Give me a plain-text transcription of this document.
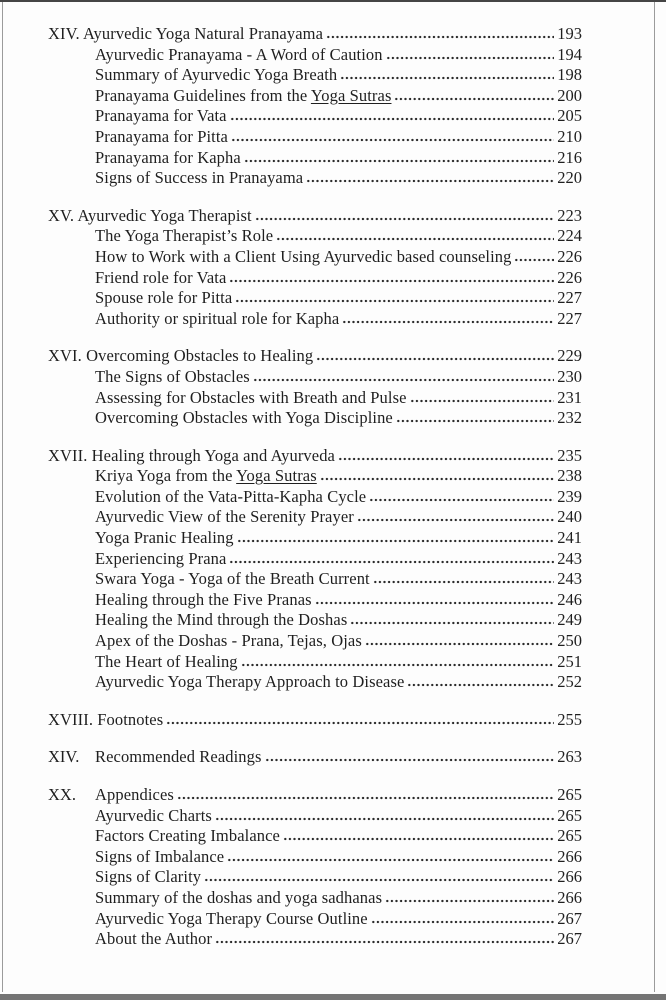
XIV. Ayurvedic Yoga Natural Pranayama	193
Ayurvedic Pranayama - A Word of Caution	194
Summary of Ayurvedic Yoga Breath	198
Pranayama Guidelines from the Yoga Sutras	200
Pranayama for Vata	205
Pranayama for Pitta	210
Pranayama for Kapha	216
Signs of Success in Pranayama	220
XV. Ayurvedic Yoga Therapist	223
The Yoga Therapist’s Role	224
How to Work with a Client Using Ayurvedic based counseling	226
Friend role for Vata	226
Spouse role for Pitta	227
Authority or spiritual role for Kapha	227
XVI. Overcoming Obstacles to Healing	229
The Signs of Obstacles	230
Assessing for Obstacles with Breath and Pulse	231
Overcoming Obstacles with Yoga Discipline	232
XVII. Healing through Yoga and Ayurveda	235
Kriya Yoga from the Yoga Sutras	238
Evolution of the Vata-Pitta-Kapha Cycle	239
Ayurvedic View of the Serenity Prayer	240
Yoga Pranic Healing	241
Experiencing Prana	243
Swara Yoga - Yoga of the Breath Current	243
Healing through the Five Pranas	246
Healing the Mind through the Doshas	249
Apex of the Doshas - Prana, Tejas, Ojas	250
The Heart of Healing	251
Ayurvedic Yoga Therapy Approach to Disease	252
XVIII. Footnotes	255
XIV. Recommended Readings	263
XX.	Appendices	265
Ayurvedic Charts	265
Factors Creating Imbalance	265
Signs of Imbalance	266
Signs of Clarity	266
Summary of the doshas and yoga sadhanas	266
Ayurvedic Yoga Therapy Course Outline	267
About the Author	267
